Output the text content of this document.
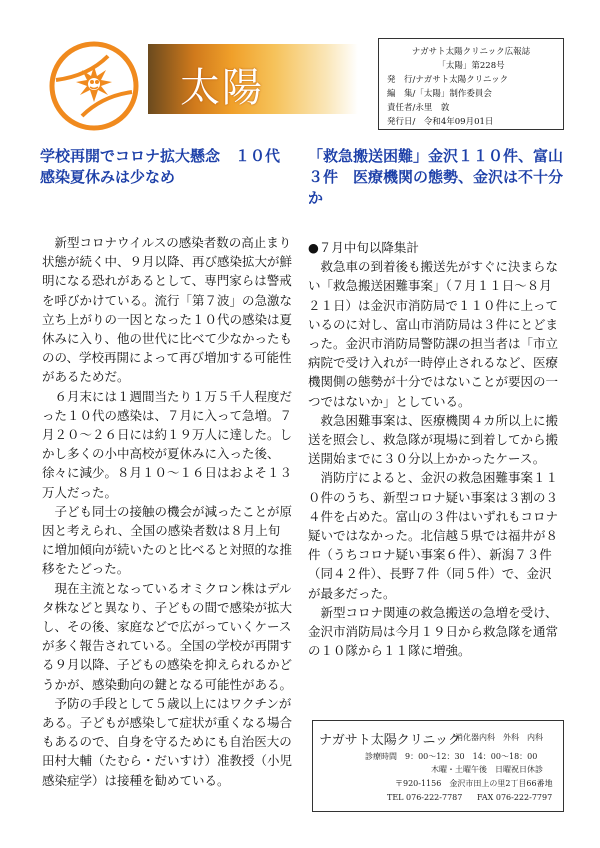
太陽
ナガサト太陽クリニック広報誌
「太陽」第228号
発　行/ナガサト太陽クリニック
編　集/「太陽」制作委員会
責任者/永里　敦
発行日/　令和4年09月01日
学校再開でコロナ拡大懸念　１０代感染夏休みは少なめ

新型コロナウイルスの感染者数の高止まり状態が続く中、９月以降、再び感染拡大が鮮明になる恐れがあるとして、専門家らは警戒を呼びかけている。流行「第７波」の急激な立ち上がりの一因となった１０代の感染は夏休みに入り、他の世代に比べて少なかったものの、学校再開によって再び増加する可能性があるためだ。

６月末には１週間当たり１万５千人程度だった１０代の感染は、７月に入って急増。７月２０〜２６日には約１９万人に達した。しかし多くの小中高校が夏休みに入った後、徐々に減少。８月１０〜１６日はおよそ１３万人だった。

子ども同士の接触の機会が減ったことが原因と考えられ、全国の感染者数は８月上旬に増加傾向が続いたのと比べると対照的な推移をたどった。

現在主流となっているオミクロン株はデルタ株などと異なり、子どもの間で感染が拡大し、その後、家庭などで広がっていくケースが多く報告されている。全国の学校が再開する９月以降、子どもの感染を抑えられるかどうかが、感染動向の鍵となる可能性がある。

予防の手段として５歳以上にはワクチンがある。子どもが感染して症状が重くなる場合もあるので、自身を守るためにも自治医大の田村大輔（たむら・だいすけ）准教授（小児感染症学）は接種を勧めている。

「救急搬送困難」金沢１１０件、富山３件　医療機関の態勢、金沢は不十分か

●７月中旬以降集計

救急車の到着後も搬送先がすぐに決まらない「救急搬送困難事案」（７月１１日〜８月２１日）は金沢市消防局で１１０件に上っているのに対し、富山市消防局は３件にとどまった。金沢市消防局警防課の担当者は「市立病院で受け入れが一時停止されるなど、医療機関側の態勢が十分ではないことが要因の一つではないか」としている。

救急困難事案は、医療機関４カ所以上に搬送を照会し、救急隊が現場に到着してから搬送開始までに３０分以上かかったケース。

消防庁によると、金沢の救急困難事案１１０件のうち、新型コロナ疑い事案は３割の３４件を占めた。富山の３件はいずれもコロナ疑いではなかった。北信越５県では福井が８件（うちコロナ疑い事案６件）、新潟７３件（同４２件）、長野７件（同５件）で、金沢が最多だった。

新型コロナ関連の救急搬送の急増を受け、金沢市消防局は今月１９日から救急隊を通常の１０隊から１１隊に増強。

ナガサト太陽クリニック
消化器内科　外科　内科
診療時間 9：00〜12：30　14：00〜18：00
木曜・土曜午後　日曜祝日休診
〒920-1156　金沢市田上の里2丁目66番地
TEL 076-222-7787 FAX 076-222-7797
